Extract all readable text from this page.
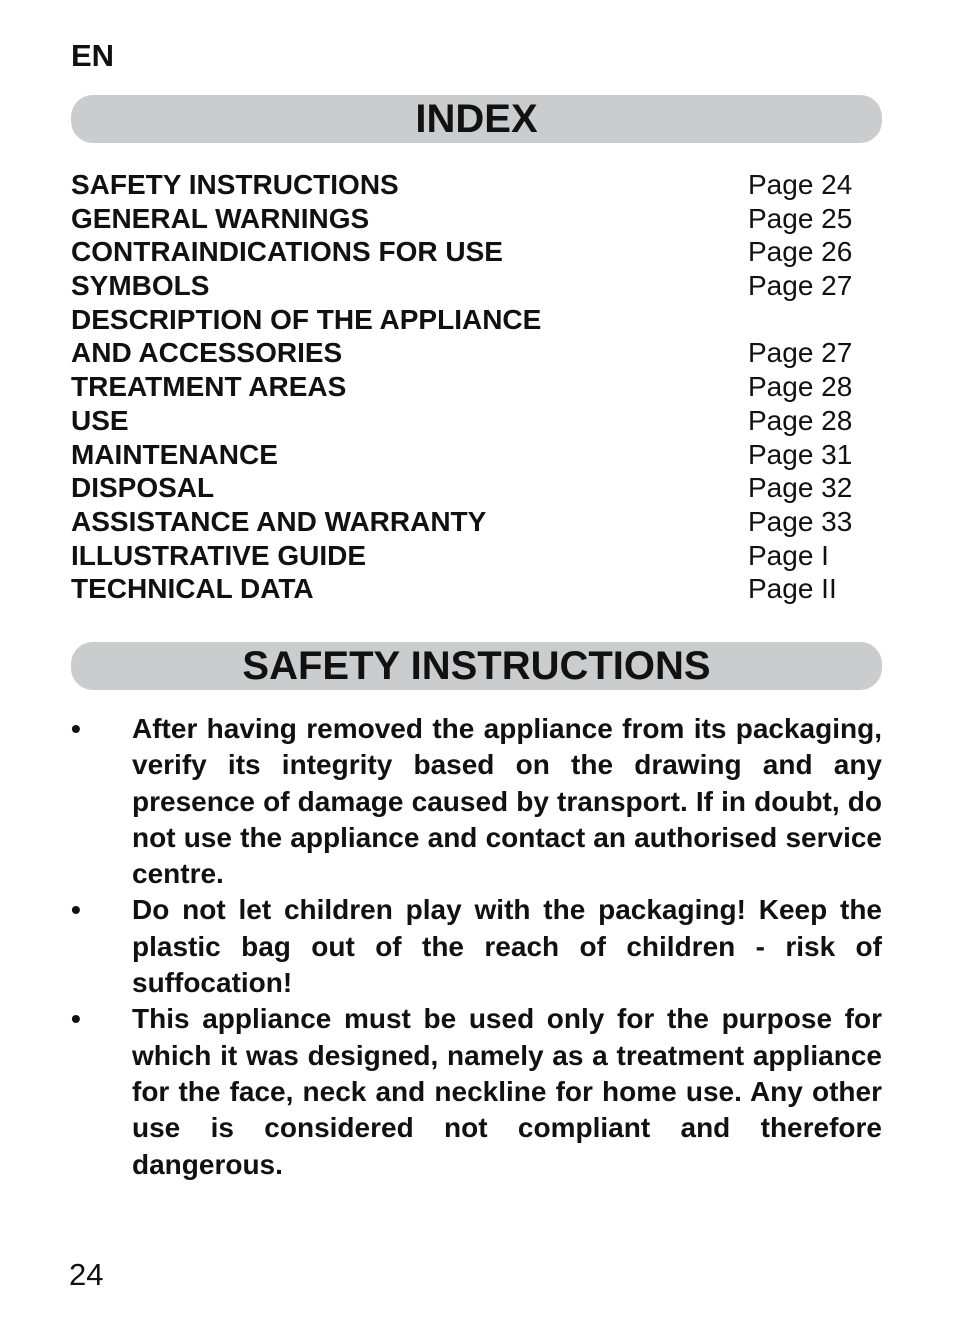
EN
INDEX
SAFETY INSTRUCTIONS	Page 24
GENERAL WARNINGS	Page 25
CONTRAINDICATIONS FOR USE	Page 26
SYMBOLS	Page 27
DESCRIPTION OF THE APPLIANCE
AND ACCESSORIES	Page 27
TREATMENT AREAS	Page 28
USE	Page 28
MAINTENANCE	Page 31
DISPOSAL	Page 32
ASSISTANCE AND WARRANTY	Page 33
ILLUSTRATIVE GUIDE	Page I
TECHNICAL DATA	Page II
SAFETY INSTRUCTIONS
• After having removed the appliance from its packaging, verify its integrity based on the drawing and any presence of damage caused by transport. If in doubt, do not use the appliance and contact an authorised service centre.
• Do not let children play with the packaging! Keep the plastic bag out of the reach of children - risk of suffocation!
• This appliance must be used only for the purpose for which it was designed, namely as a treatment appliance for the face, neck and neckline for home use. Any other use is considered not compliant and therefore dangerous.
24
